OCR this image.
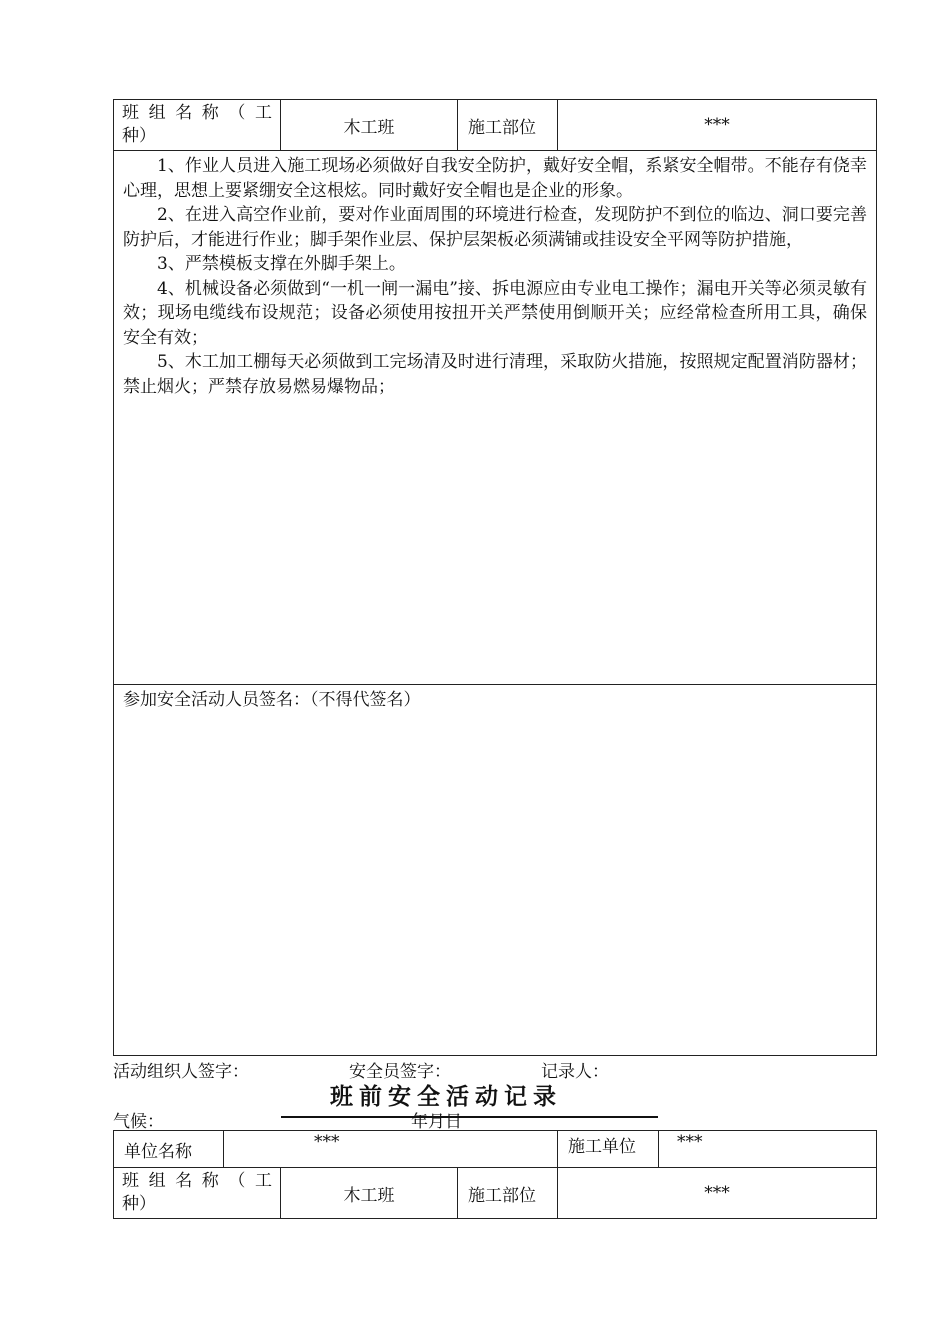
班组名称（工
种）	木工班	施工部位	***

1、作业人员进入施工现场必须做好自我安全防护，戴好安全帽，系紧安全帽带。不能存有侥幸心理，思想上要紧绷安全这根炫。同时戴好安全帽也是企业的形象。

2、在进入高空作业前，要对作业面周围的环境进行检查，发现防护不到位的临边、洞口要完善防护后，才能进行作业；脚手架作业层、保护层架板必须满铺或挂设安全平网等防护措施，

3、严禁模板支撑在外脚手架上。

4、机械设备必须做到“一机一闸一漏电”接、拆电源应由专业电工操作；漏电开关等必须灵敏有效；现场电缆线布设规范；设备必须使用按扭开关严禁使用倒顺开关；应经常检查所用工具，确保安全有效；

5、木工加工棚每天必须做到工完场清及时进行清理，采取防火措施，按照规定配置消防器材；禁止烟火；严禁存放易燃易爆物品；

参加安全活动人员签名：（不得代签名）
活动组织人签字：	安全员签字：	记录人：
班前安全活动记录
气候：	年月日
单位名称	***			施工单位	***

班组名称（工
种）		木工班	施工部位	***	
